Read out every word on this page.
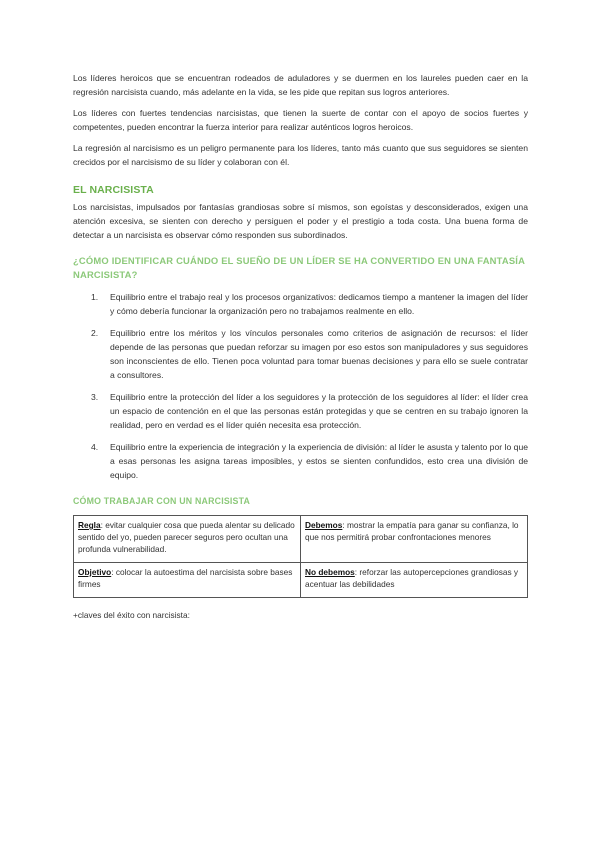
Los líderes heroicos que se encuentran rodeados de aduladores y se duermen en los laureles pueden caer en la regresión narcisista cuando, más adelante en la vida, se les pide que repitan sus logros anteriores.

Los líderes con fuertes tendencias narcisistas, que tienen la suerte de contar con el apoyo de socios fuertes y competentes, pueden encontrar la fuerza interior para realizar auténticos logros heroicos.

La regresión al narcisismo es un peligro permanente para los líderes, tanto más cuanto que sus seguidores se sienten crecidos por el narcisismo de su líder y colaboran con él.

EL NARCISISTA

Los narcisistas, impulsados por fantasías grandiosas sobre sí mismos, son egoístas y desconsiderados, exigen una atención excesiva, se sienten con derecho y persiguen el poder y el prestigio a toda costa. Una buena forma de detectar a un narcisista es observar cómo responden sus subordinados.

¿CÓMO IDENTIFICAR CUÁNDO EL SUEÑO DE UN LÍDER SE HA CONVERTIDO EN UNA FANTASÍA NARCISISTA?
1. Equilibrio entre el trabajo real y los procesos organizativos: dedicamos tiempo a mantener la imagen del líder y cómo debería funcionar la organización pero no trabajamos realmente en ello.
2. Equilibrio entre los méritos y los vínculos personales como criterios de asignación de recursos: el líder depende de las personas que puedan reforzar su imagen por eso estos son manipuladores y sus seguidores son inconscientes de ello. Tienen poca voluntad para tomar buenas decisiones y para ello se suele contratar a consultores.
3. Equilibrio entre la protección del líder a los seguidores y la protección de los seguidores al líder: el líder crea un espacio de contención en el que las personas están protegidas y que se centren en su trabajo ignoren la realidad, pero en verdad es el líder quién necesita esa protección.
4. Equilibrio entre la experiencia de integración y la experiencia de división: al líder le asusta y talento por lo que a esas personas les asigna tareas imposibles, y estos se sienten confundidos, esto crea una división de equipo.
CÓMO TRABAJAR CON UN NARCISISTA
Regla: evitar cualquier cosa que pueda alentar su delicado sentido del yo, pueden parecer seguros pero ocultan una profunda vulnerabilidad.	Debemos: mostrar la empatía para ganar su confianza, lo que nos permitirá probar confrontaciones menores
Objetivo: colocar la autoestima del narcisista sobre bases firmes	No debemos: reforzar las autopercepciones grandiosas y acentuar las debilidades
+claves del éxito con narcisista:
